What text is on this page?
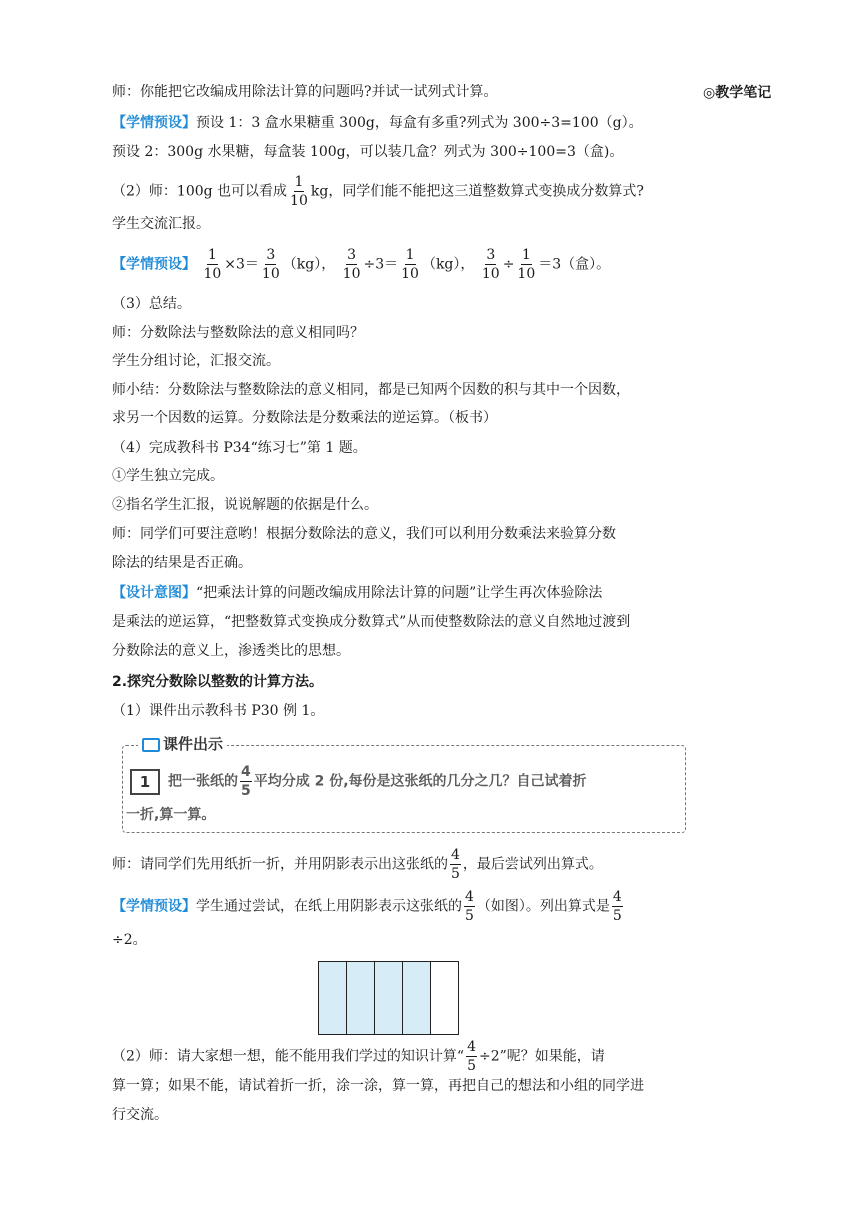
◎教学笔记
师：你能把它改编成用除法计算的问题吗?并试一试列式计算。
【学情预设】预设 1：3 盒水果糖重 300g，每盒有多重?列式为 300÷3=100（g）。
预设 2：300g 水果糖，每盒装 100g，可以装几盒？列式为 300÷100=3（盒)。
（2）师：100g 也可以看成 $\frac{1}{10}$ kg，同学们能不能把这三道整数算式变换成分数算式?
学生交流汇报。
【学情预设】 $\frac{1}{10} \times 3= \frac{3}{10} (kg)$， $\frac{3}{10} \div 3= \frac{1}{10} (kg)$， $\frac{3}{10} \div \frac{1}{10} =3$（盒）。
（3）总结。
师：分数除法与整数除法的意义相同吗？
学生分组讨论，汇报交流。
师小结：分数除法与整数除法的意义相同，都是已知两个因数的积与其中一个因数，
求另一个因数的运算。分数除法是分数乘法的逆运算。（板书）
（4）完成教科书 P34“练习七”第 1 题。
①学生独立完成。
②指名学生汇报，说说解题的依据是什么。
师：同学们可要注意哟！根据分数除法的意义，我们可以利用分数乘法来验算分数
除法的结果是否正确。
【设计意图】“把乘法计算的问题改编成用除法计算的问题”让学生再次体验除法
是乘法的逆运算，“把整数算式变换成分数算式”从而使整数除法的意义自然地过渡到
分数除法的意义上，渗透类比的思想。
2.探究分数除以整数的计算方法。
（1）课件出示教科书 P30 例 1。
课件出示
1 把一张纸的 $\frac{4}{5}$ 平均分成 2 份,每份是这张纸的几分之几？自己试着折
一折,算一算。
师：请同学们先用纸折一折，并用阴影表示出这张纸的 $\frac{4}{5}$ ，最后尝试列出算式。
【学情预设】学生通过尝试，在纸上用阴影表示这张纸的 $\frac{4}{5}$ （如图）。列出算式是 $\frac{4}{5}$
÷2。
（2）师：请大家想一想，能不能用我们学过的知识计算“ $\frac{4}{5} \div 2$”呢？如果能，请
算一算；如果不能，请试着折一折，涂一涂，算一算，再把自己的想法和小组的同学进
行交流。
